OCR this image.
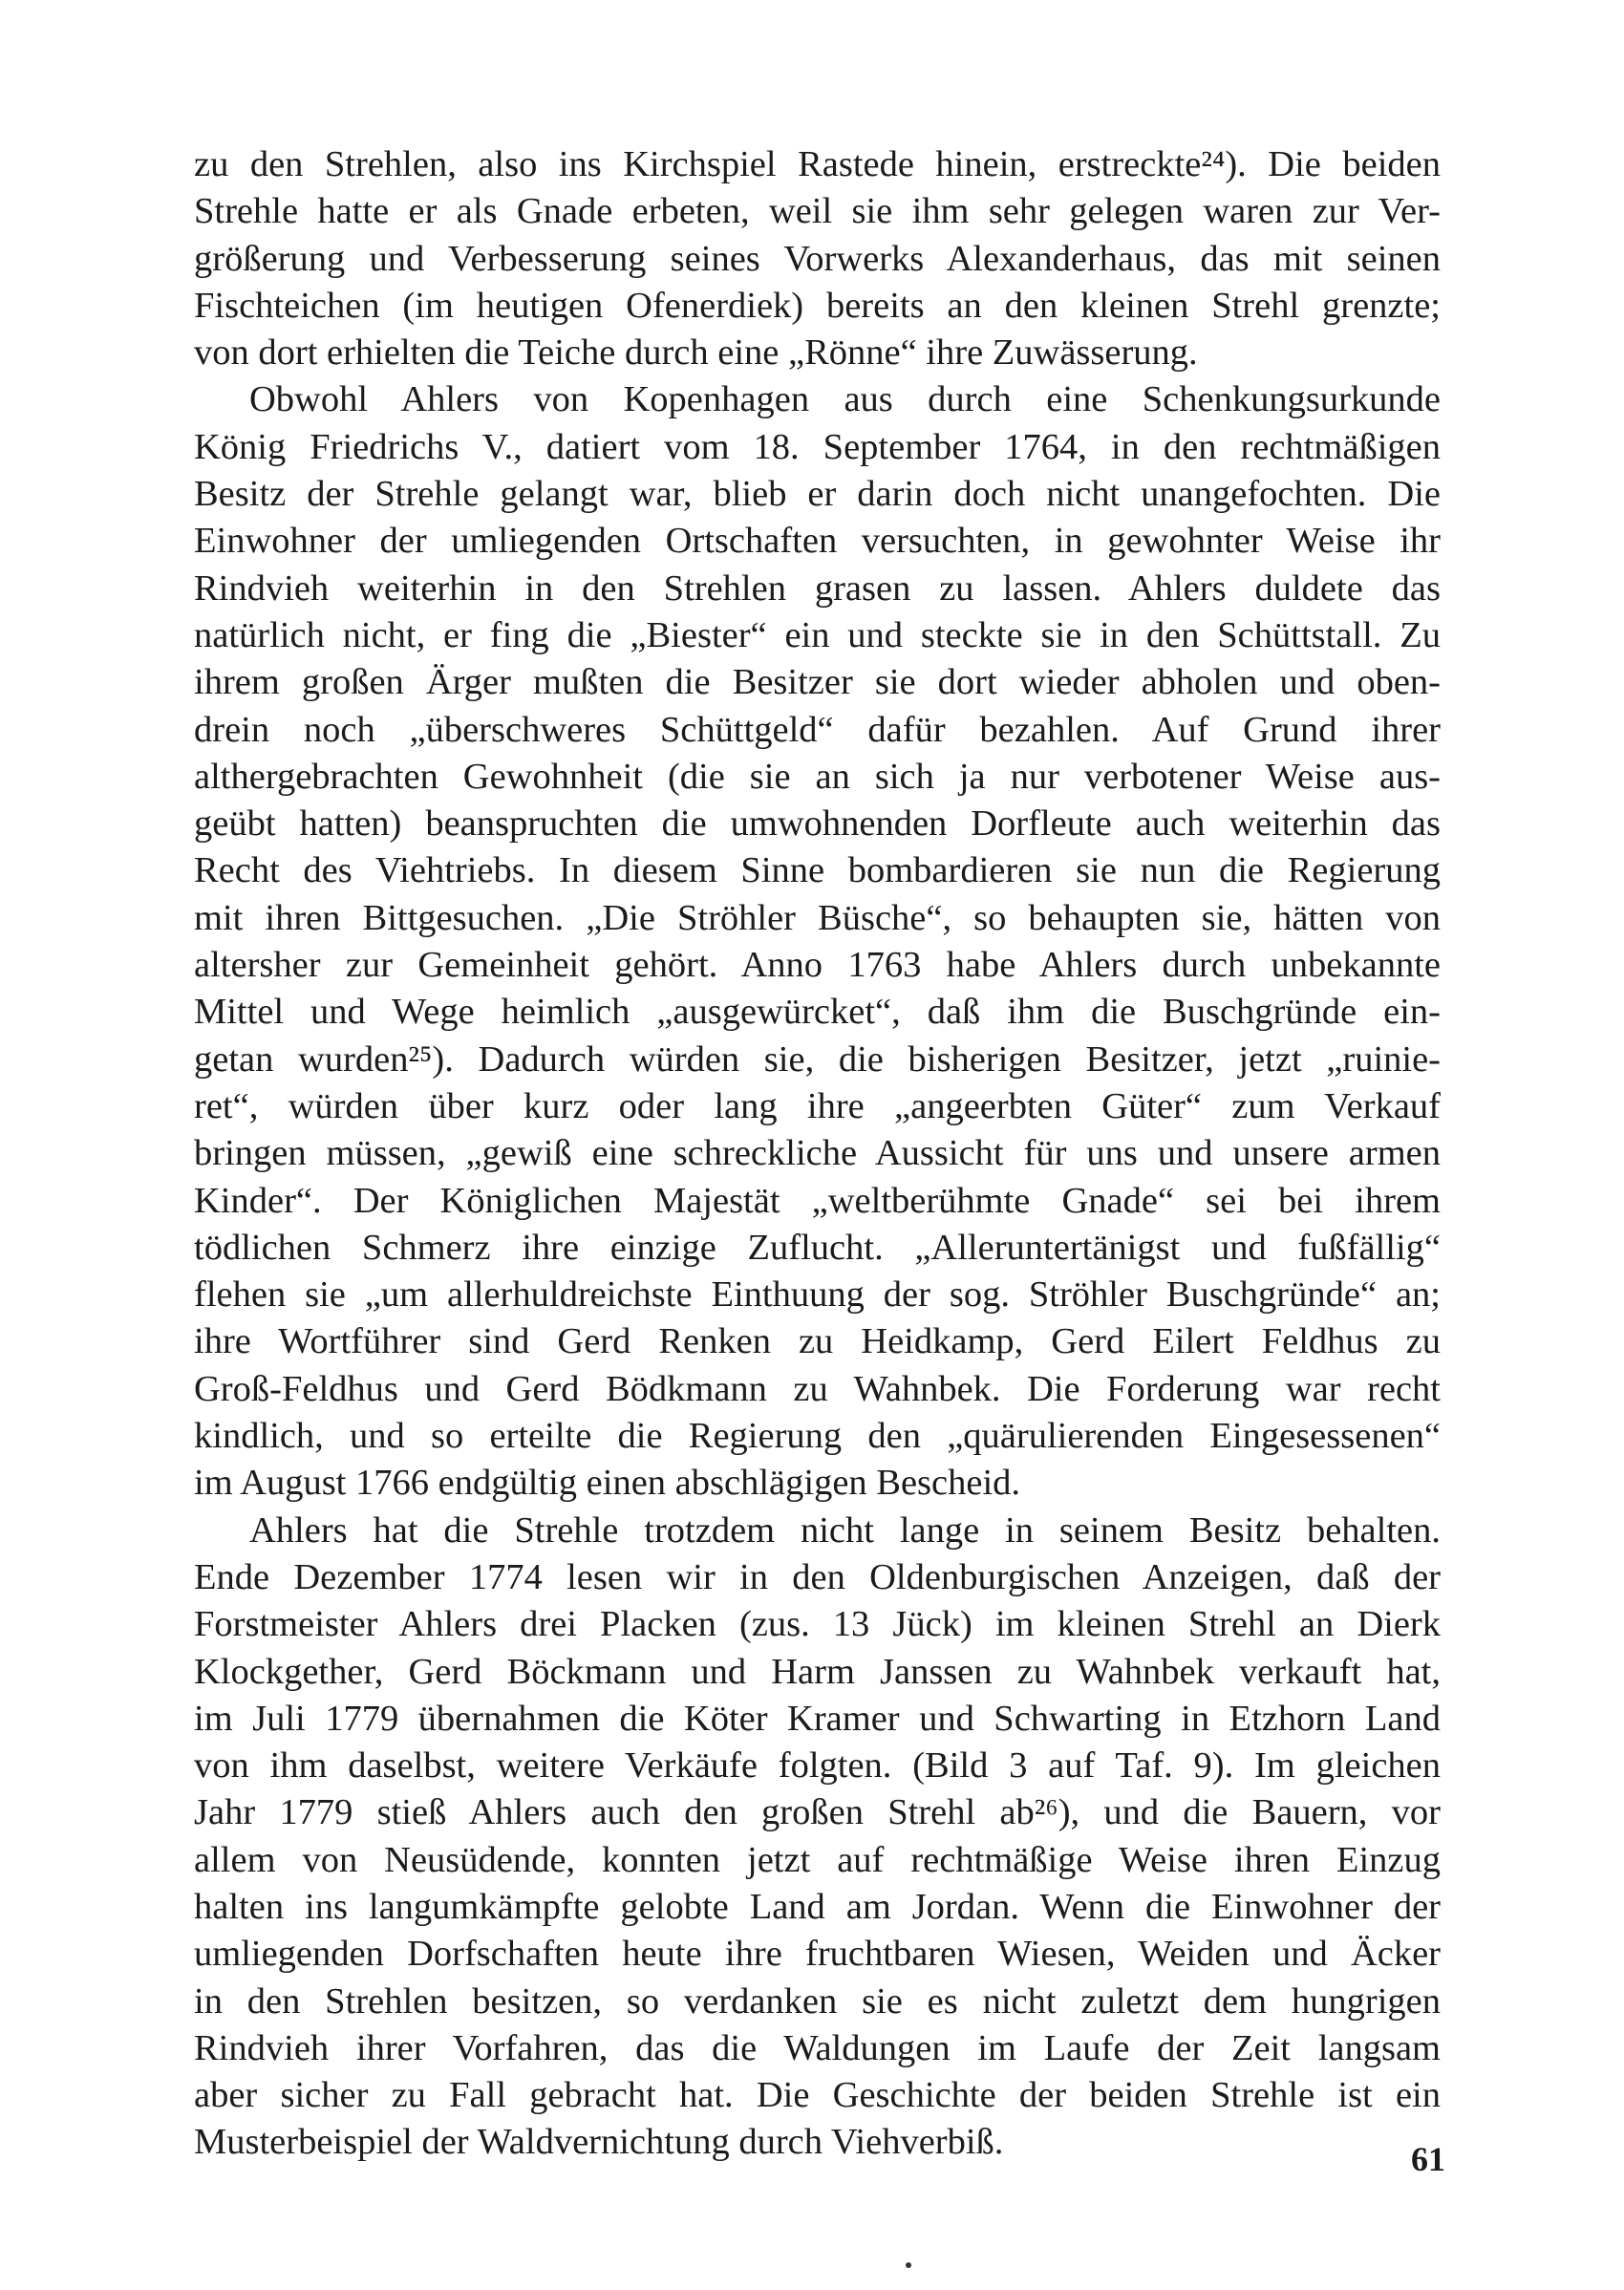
zu den Strehlen, also ins Kirchspiel Rastede hinein, erstreckte²⁴). Die beiden
Strehle hatte er als Gnade erbeten, weil sie ihm sehr gelegen waren zur Ver-
größerung und Verbesserung seines Vorwerks Alexanderhaus, das mit seinen
Fischteichen (im heutigen Ofenerdiek) bereits an den kleinen Strehl grenzte;
von dort erhielten die Teiche durch eine „Rönne“ ihre Zuwässerung.

Obwohl Ahlers von Kopenhagen aus durch eine Schenkungsurkunde
König Friedrichs V., datiert vom 18. September 1764, in den rechtmäßigen
Besitz der Strehle gelangt war, blieb er darin doch nicht unangefochten. Die
Einwohner der umliegenden Ortschaften versuchten, in gewohnter Weise ihr
Rindvieh weiterhin in den Strehlen grasen zu lassen. Ahlers duldete das
natürlich nicht, er fing die „Biester“ ein und steckte sie in den Schüttstall. Zu
ihrem großen Ärger mußten die Besitzer sie dort wieder abholen und oben-
drein noch „überschweres Schüttgeld“ dafür bezahlen. Auf Grund ihrer
althergebrachten Gewohnheit (die sie an sich ja nur verbotener Weise aus-
geübt hatten) beanspruchten die umwohnenden Dorfleute auch weiterhin das
Recht des Viehtriebs. In diesem Sinne bombardieren sie nun die Regierung
mit ihren Bittgesuchen. „Die Ströhler Büsche“, so behaupten sie, hätten von
altersher zur Gemeinheit gehört. Anno 1763 habe Ahlers durch unbekannte
Mittel und Wege heimlich „ausgewürcket“, daß ihm die Buschgründe ein-
getan wurden²⁵). Dadurch würden sie, die bisherigen Besitzer, jetzt „ruinie-
ret“, würden über kurz oder lang ihre „angeerbten Güter“ zum Verkauf
bringen müssen, „gewiß eine schreckliche Aussicht für uns und unsere armen
Kinder“. Der Königlichen Majestät „weltberühmte Gnade“ sei bei ihrem
tödlichen Schmerz ihre einzige Zuflucht. „Alleruntertänigst und fußfällig“
flehen sie „um allerhuldreichste Einthuung der sog. Ströhler Buschgründe“ an;
ihre Wortführer sind Gerd Renken zu Heidkamp, Gerd Eilert Feldhus zu
Groß-Feldhus und Gerd Bödkmann zu Wahnbek. Die Forderung war recht
kindlich, und so erteilte die Regierung den „quärulierenden Eingesessenen“
im August 1766 endgültig einen abschlägigen Bescheid.

Ahlers hat die Strehle trotzdem nicht lange in seinem Besitz behalten.
Ende Dezember 1774 lesen wir in den Oldenburgischen Anzeigen, daß der
Forstmeister Ahlers drei Placken (zus. 13 Jück) im kleinen Strehl an Dierk
Klockgether, Gerd Böckmann und Harm Janssen zu Wahnbek verkauft hat,
im Juli 1779 übernahmen die Köter Kramer und Schwarting in Etzhorn Land
von ihm daselbst, weitere Verkäufe folgten. (Bild 3 auf Taf. 9). Im gleichen
Jahr 1779 stieß Ahlers auch den großen Strehl ab²⁶), und die Bauern, vor
allem von Neusüdende, konnten jetzt auf rechtmäßige Weise ihren Einzug
halten ins langumkämpfte gelobte Land am Jordan. Wenn die Einwohner der
umliegenden Dorfschaften heute ihre fruchtbaren Wiesen, Weiden und Äcker
in den Strehlen besitzen, so verdanken sie es nicht zuletzt dem hungrigen
Rindvieh ihrer Vorfahren, das die Waldungen im Laufe der Zeit langsam
aber sicher zu Fall gebracht hat. Die Geschichte der beiden Strehle ist ein
Musterbeispiel der Waldvernichtung durch Viehverbiß.	61
